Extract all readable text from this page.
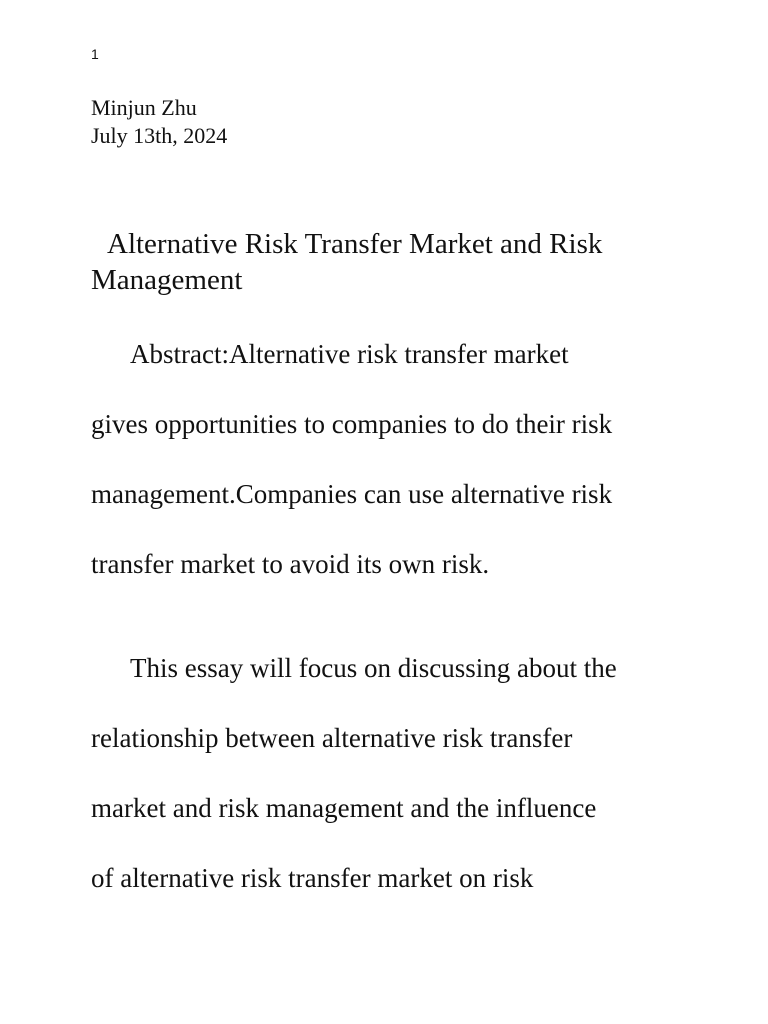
1
Minjun Zhu
July 13th, 2024
Alternative Risk Transfer Market and Risk
Management

Abstract:Alternative risk transfer market
gives opportunities to companies to do their risk
management.Companies can use alternative risk
transfer market to avoid its own risk.

This essay will focus on discussing about the
relationship between alternative risk transfer
market and risk management and the influence
of alternative risk transfer market on risk
